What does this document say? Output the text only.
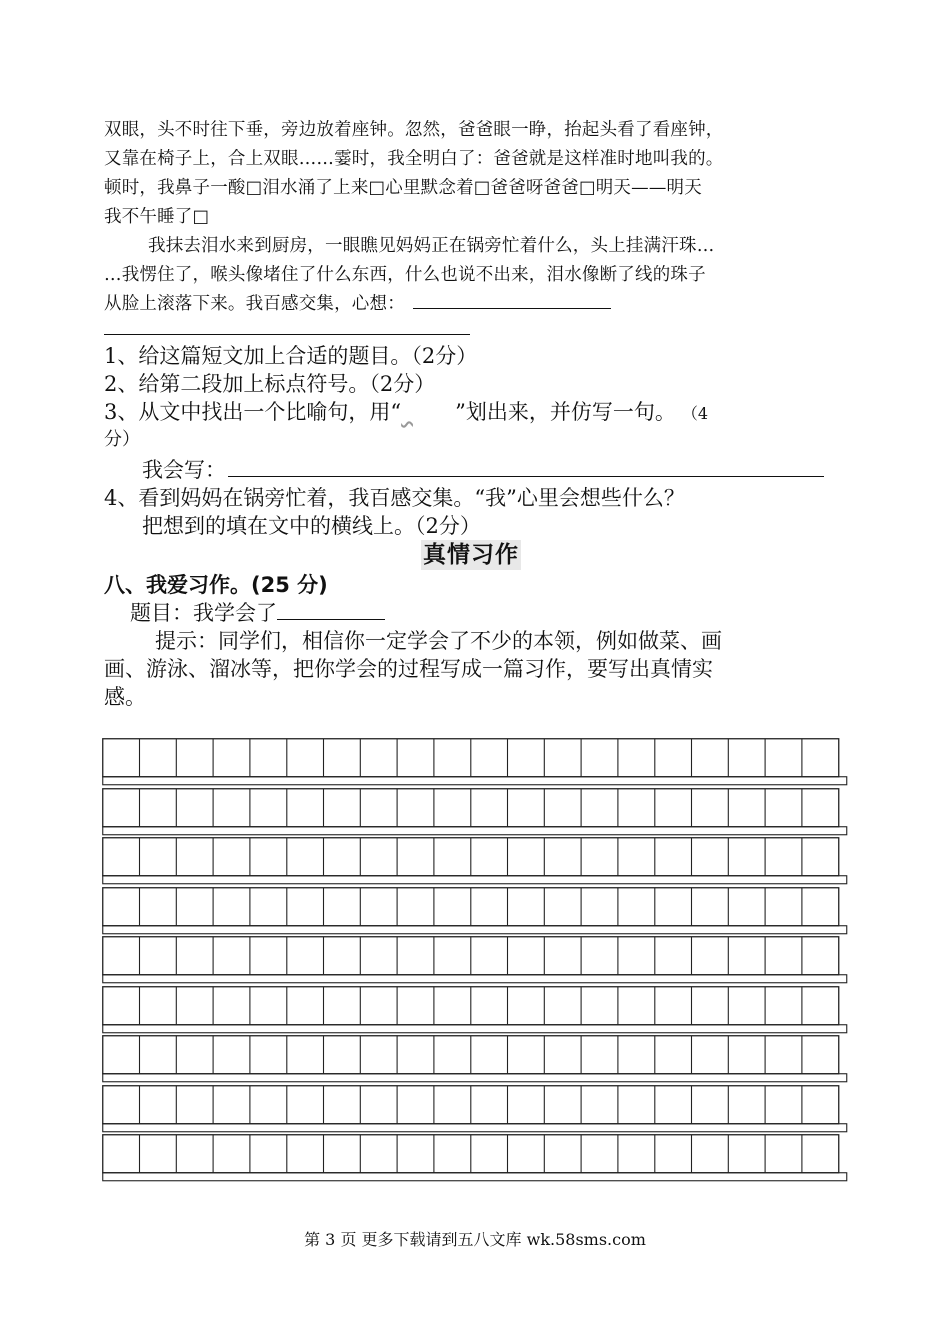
双眼，头不时往下垂，旁边放着座钟。忽然，爸爸眼一睁，抬起头看了看座钟，
又靠在椅子上，合上双眼……霎时，我全明白了：爸爸就是这样准时地叫我的。
顿时，我鼻子一酸□泪水涌了上来□心里默念着□爸爸呀爸爸□明天——明天
我不午睡了□
我抹去泪水来到厨房，一眼瞧见妈妈正在锅旁忙着什么，头上挂满汗珠…
…我愣住了，喉头像堵住了什么东西，什么也说不出来，泪水像断了线的珠子
从脸上滚落下来。我百感交集，心想：
1、给这篇短文加上合适的题目。（2分）
2、给第二段加上标点符号。（2分）
3、从文中找出一个比喻句，用“	”划出来，并仿写一句。 （4
分）
我会写：
4、看到妈妈在锅旁忙着，我百感交集。“我”心里会想些什么？
把想到的填在文中的横线上。（2分）
真情习作
八、我爱习作。(25 分)
题目：我学会了
提示：同学们，相信你一定学会了不少的本领，例如做菜、画
画、游泳、溜冰等，把你学会的过程写成一篇习作，要写出真情实
感。
第 3 页 更多下载请到五八文库 wk.58sms.com
